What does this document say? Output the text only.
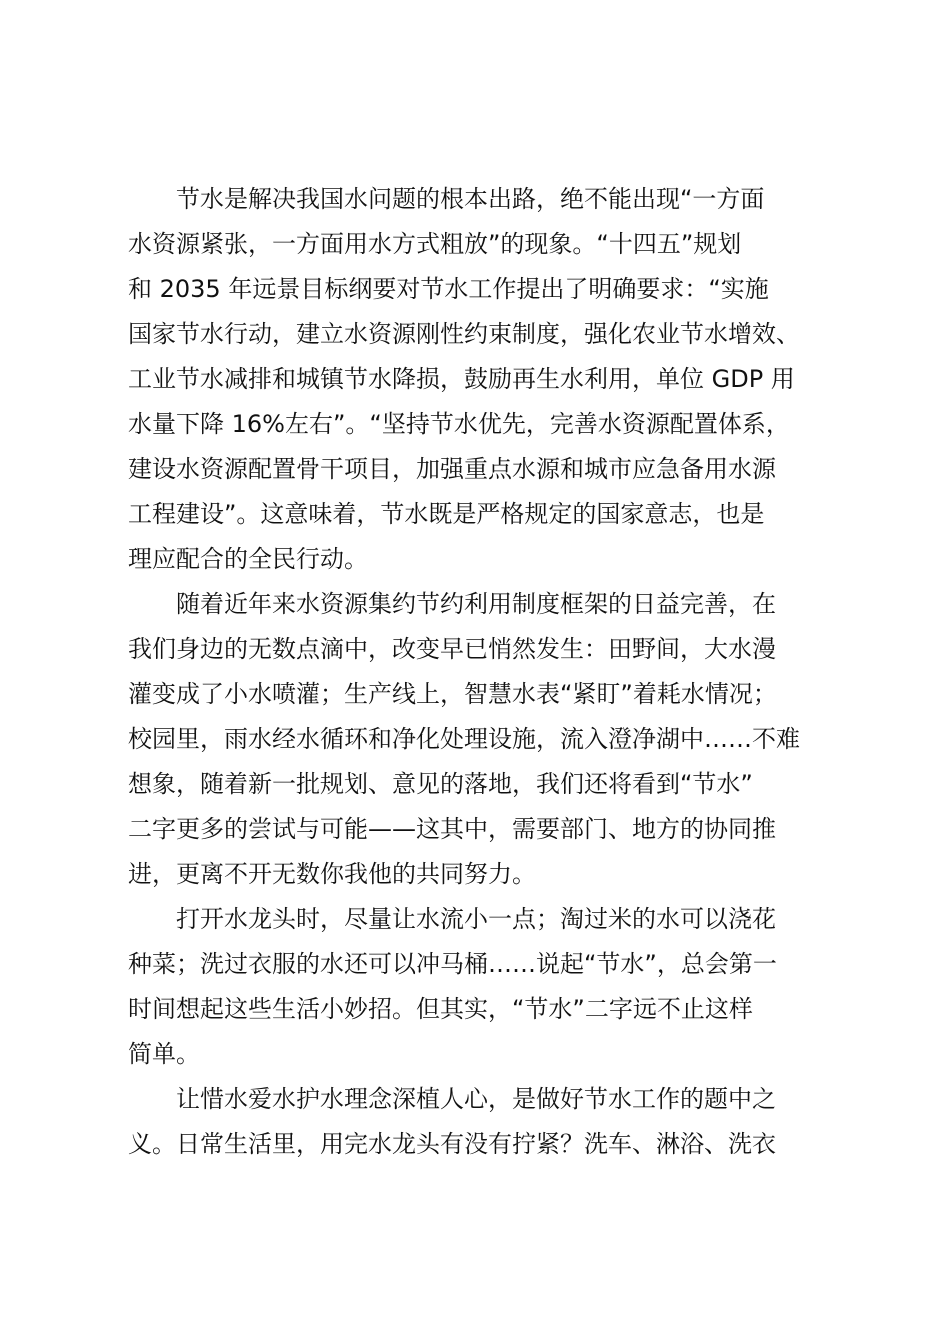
节水是解决我国水问题的根本出路，绝不能出现“一方面
水资源紧张，一方面用水方式粗放”的现象。“十四五”规划
和 2035 年远景目标纲要对节水工作提出了明确要求：“实施
国家节水行动，建立水资源刚性约束制度，强化农业节水增效、
工业节水减排和城镇节水降损，鼓励再生水利用，单位 GDP 用
水量下降 16%左右”。“坚持节水优先，完善水资源配置体系，
建设水资源配置骨干项目，加强重点水源和城市应急备用水源
工程建设”。这意味着，节水既是严格规定的国家意志，也是
理应配合的全民行动。
随着近年来水资源集约节约利用制度框架的日益完善，在
我们身边的无数点滴中，改变早已悄然发生：田野间，大水漫
灌变成了小水喷灌；生产线上，智慧水表“紧盯”着耗水情况；
校园里，雨水经水循环和净化处理设施，流入澄净湖中……不难
想象，随着新一批规划、意见的落地，我们还将看到“节水”
二字更多的尝试与可能——这其中，需要部门、地方的协同推
进，更离不开无数你我他的共同努力。
打开水龙头时，尽量让水流小一点；淘过米的水可以浇花
种菜；洗过衣服的水还可以冲马桶……说起“节水”，总会第一
时间想起这些生活小妙招。但其实，“节水”二字远不止这样
简单。
让惜水爱水护水理念深植人心，是做好节水工作的题中之
义。日常生活里，用完水龙头有没有拧紧？洗车、淋浴、洗衣
